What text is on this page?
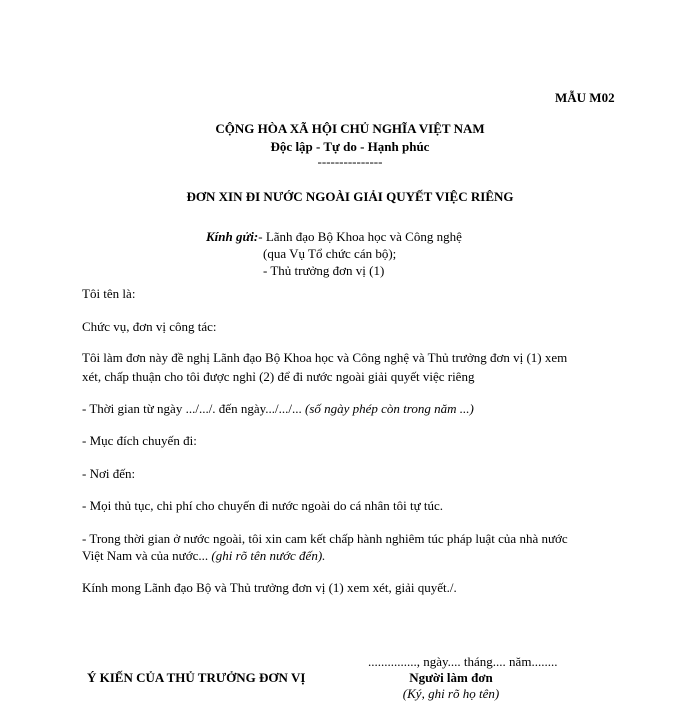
MẪU M02
CỘNG HÒA XÃ HỘI CHỦ NGHĨA VIỆT NAM
Độc lập - Tự do - Hạnh phúc
---------------
ĐƠN XIN ĐI NƯỚC NGOÀI GIẢI QUYẾT VIỆC RIÊNG
Kính gửi:- Lãnh đạo Bộ Khoa học và Công nghệ
(qua Vụ Tổ chức cán bộ);
- Thủ trưởng đơn vị (1)
Tôi tên là:
Chức vụ, đơn vị công tác:
Tôi làm đơn này đề nghị Lãnh đạo Bộ Khoa học và Công nghệ và Thủ trưởng đơn vị (1) xem
xét, chấp thuận cho tôi được nghỉ (2) để đi nước ngoài giải quyết việc riêng
- Thời gian từ ngày .../.../. đến ngày.../.../... (số ngày phép còn trong năm ...)
- Mục đích chuyến đi:
- Nơi đến:
- Mọi thủ tục, chi phí cho chuyến đi nước ngoài do cá nhân tôi tự túc.
- Trong thời gian ở nước ngoài, tôi xin cam kết chấp hành nghiêm túc pháp luật của nhà nước
Việt Nam và của nước... (ghi rõ tên nước đến).
Kính mong Lãnh đạo Bộ và Thủ trưởng đơn vị (1) xem xét, giải quyết./.
..............., ngày.... tháng.... năm........
Ý KIẾN CỦA THỦ TRƯỞNG ĐƠN VỊ	Người làm đơn
(Ký, ghi rõ họ tên)
